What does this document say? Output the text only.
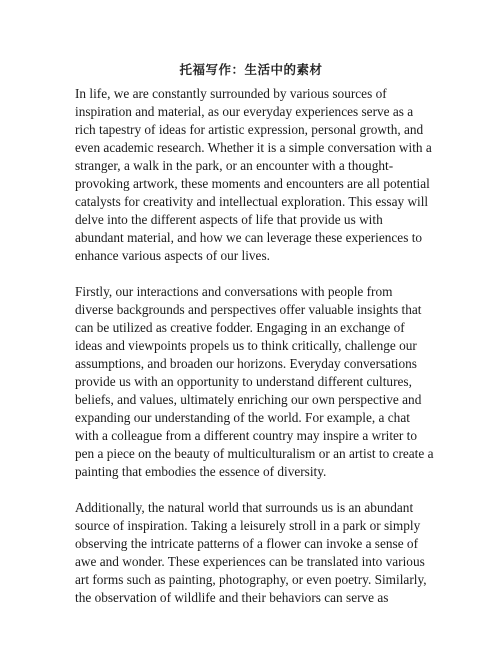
托福写作：生活中的素材

In life, we are constantly surrounded by various sources of
inspiration and material, as our everyday experiences serve as a
rich tapestry of ideas for artistic expression, personal growth, and
even academic research. Whether it is a simple conversation with a
stranger, a walk in the park, or an encounter with a thought-
provoking artwork, these moments and encounters are all potential
catalysts for creativity and intellectual exploration. This essay will
delve into the different aspects of life that provide us with
abundant material, and how we can leverage these experiences to
enhance various aspects of our lives.

Firstly, our interactions and conversations with people from
diverse backgrounds and perspectives offer valuable insights that
can be utilized as creative fodder. Engaging in an exchange of
ideas and viewpoints propels us to think critically, challenge our
assumptions, and broaden our horizons. Everyday conversations
provide us with an opportunity to understand different cultures,
beliefs, and values, ultimately enriching our own perspective and
expanding our understanding of the world. For example, a chat
with a colleague from a different country may inspire a writer to
pen a piece on the beauty of multiculturalism or an artist to create a
painting that embodies the essence of diversity.

Additionally, the natural world that surrounds us is an abundant
source of inspiration. Taking a leisurely stroll in a park or simply
observing the intricate patterns of a flower can invoke a sense of
awe and wonder. These experiences can be translated into various
art forms such as painting, photography, or even poetry. Similarly,
the observation of wildlife and their behaviors can serve as
